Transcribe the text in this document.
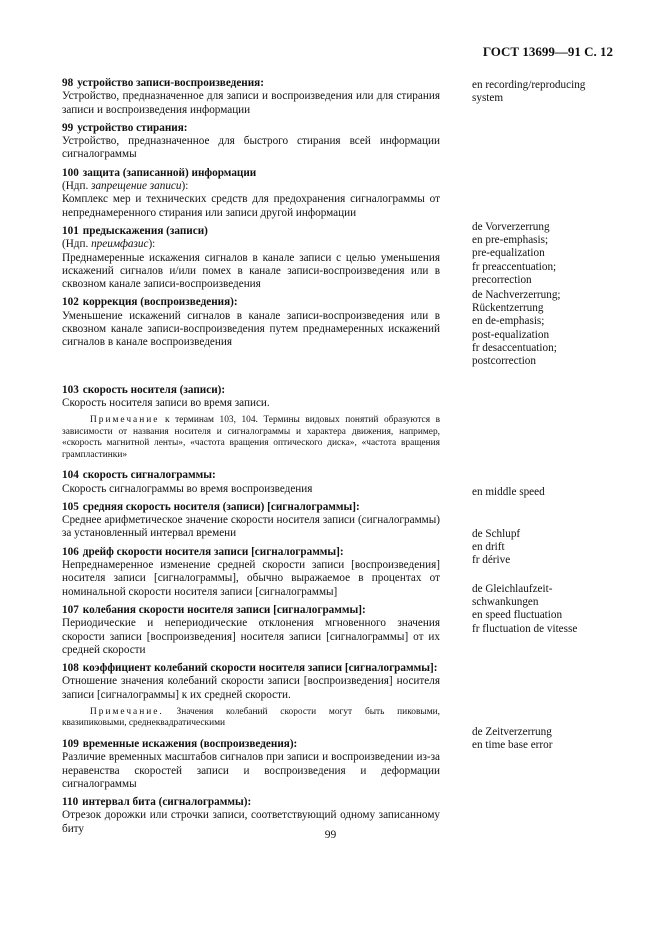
ГОСТ 13699—91 С. 12
98 устройство записи-воспроизведения:
Устройство, предназначенное для записи и воспроизведения или для стирания записи и воспроизведения информации
99 устройство стирания:
Устройство, предназначенное для быстрого стирания всей информации сигналограммы
100 защита (записанной) информации
(Ндп. запрещение записи):
Комплекс мер и технических средств для предохранения сигналограммы от непреднамеренного стирания или записи другой информации
101 предыскажения (записи)
(Ндп. преимфазис):
Преднамеренные искажения сигналов в канале записи с целью уменьшения искажений сигналов и/или помех в канале записи-воспроизведения или в сквозном канале записи-воспроизведения
102 коррекция (воспроизведения):
Уменьшение искажений сигналов в канале записи-воспроизведения или в сквозном канале записи-воспроизведения путем преднамеренных искажений сигналов в канале воспроизведения
103 скорость носителя (записи):
Скорость носителя записи во время записи.
Примечание к терминам 103, 104. Термины видовых понятий образуются в зависимости от названия носителя и сигналограммы и характера движения, например, «скорость магнитной ленты», «частота вращения оптического диска», «частота вращения грампластинки»
104 скорость сигналограммы:
Скорость сигналограммы во время воспроизведения
105 средняя скорость носителя (записи) [сигналограммы]:
Среднее арифметическое значение скорости носителя записи (сигналограммы) за установленный интервал времени
106 дрейф скорости носителя записи [сигналограммы]:
Непреднамеренное изменение средней скорости записи [воспроизведения] носителя записи [сигналограммы], обычно выражаемое в процентах от номинальной скорости носителя записи [сигналограммы]
107 колебания скорости носителя записи [сигналограммы]:
Периодические и непериодические отклонения мгновенного значения скорости записи [воспроизведения] носителя записи [сигналограммы] от их средней скорости
108 коэффициент колебаний скорости носителя записи [сигналограммы]:
Отношение значения колебаний скорости записи [воспроизведения] носителя записи [сигналограммы] к их средней скорости.
Примечание. Значения колебаний скорости могут быть пиковыми, квазипиковыми, среднеквадратическими
109 временные искажения (воспроизведения):
Различие временных масштабов сигналов при записи и воспроизведении из-за неравенства скоростей записи и воспроизведения и деформации сигналограммы
110 интервал бита (сигналограммы):
Отрезок дорожки или строчки записи, соответствующий одному записанному биту
en recording/reproducing
system
de Vorverzerrung
en pre-emphasis;
pre-equalization
fr preaccentuation;
precorrection
de Nachverzerrung;
Rückentzerrung
en de-emphasis;
post-equalization
fr desaccentuation;
postcorrection
en middle speed
de Schlupf
en drift
fr dérive
de Gleichlaufzeit-
schwankungen
en speed fluctuation
fr fluctuation de vitesse
de Zeitverzerrung
en time base error
99
